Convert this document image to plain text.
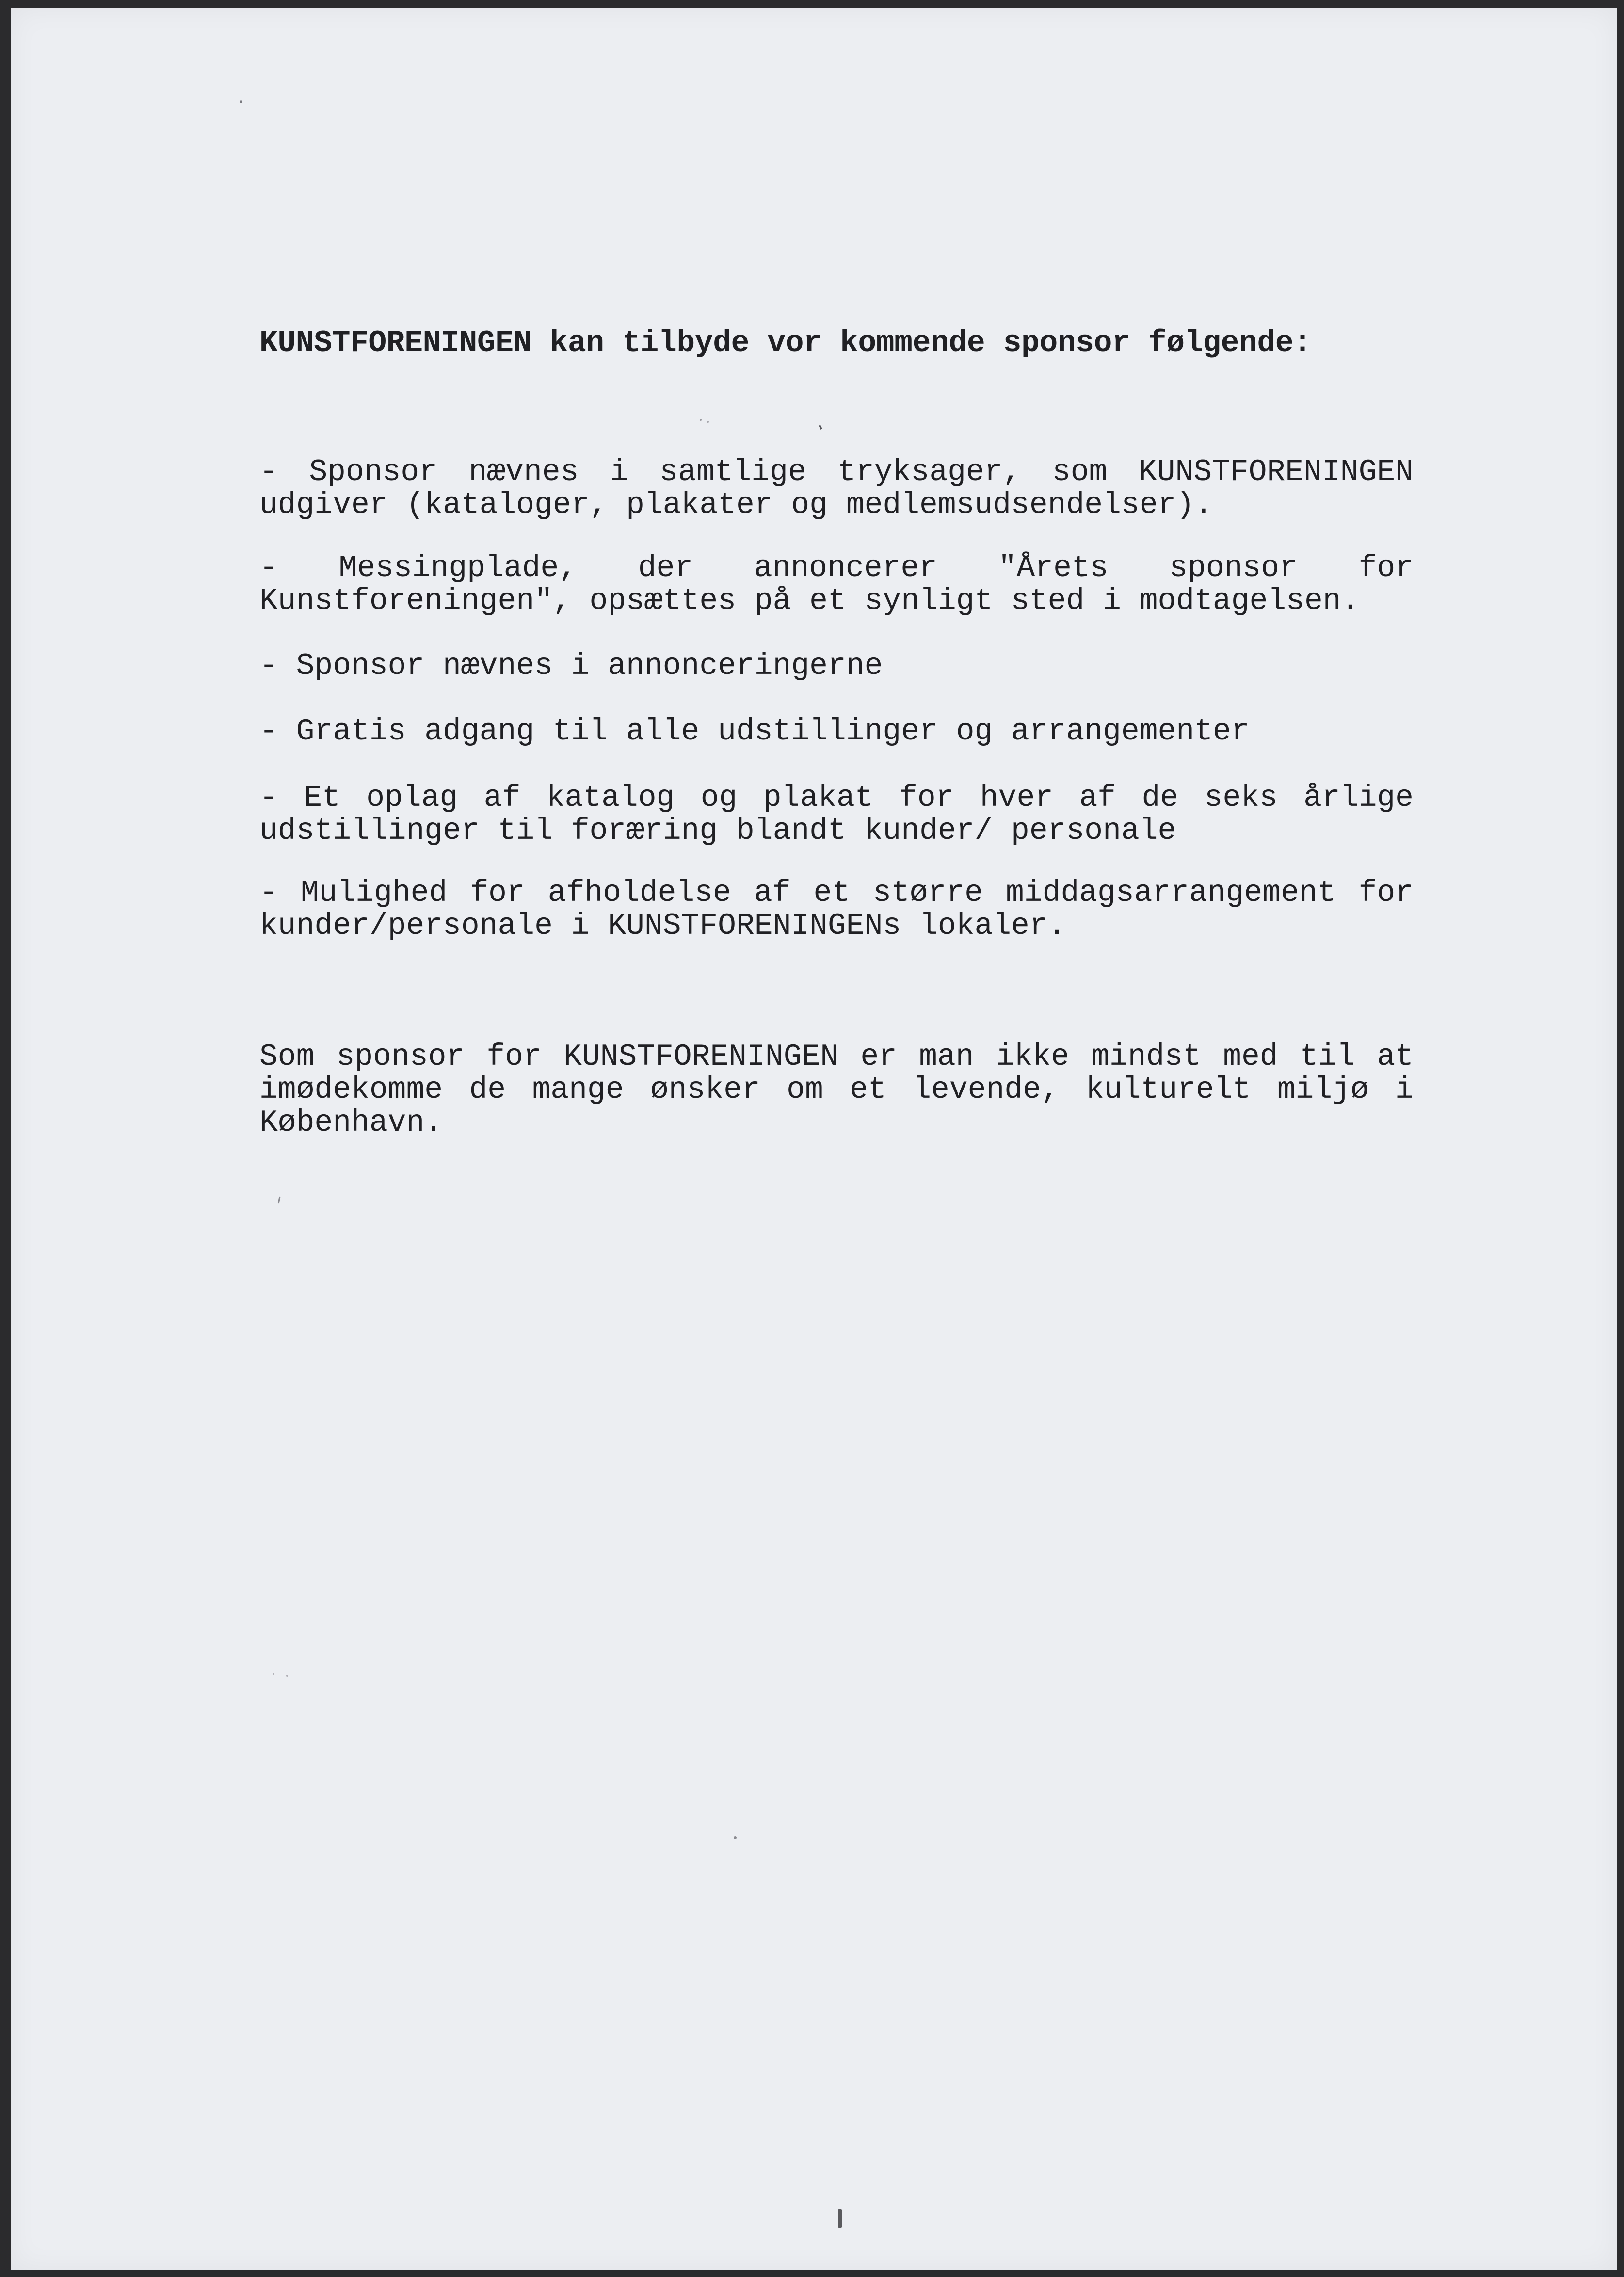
KUNSTFORENINGEN kan tilbyde vor kommende sponsor følgende:

- Sponsor nævnes i samtlige tryksager, som KUNSTFORENINGEN udgiver (kataloger, plakater og medlemsudsendelser).

- Messingplade, der annoncerer "Årets sponsor for Kunstforeningen", opsættes på et synligt sted i modtagelsen.

- Sponsor nævnes i annonceringerne

- Gratis adgang til alle udstillinger og arrangementer

- Et oplag af katalog og plakat for hver af de seks årlige udstillinger til foræring blandt kunder/ personale

- Mulighed for afholdelse af et større middagsarrangement for kunder/personale i KUNSTFORENINGENs lokaler.

Som sponsor for KUNSTFORENINGEN er man ikke mindst med til at imødekomme de mange ønsker om et levende, kulturelt miljø i København.
